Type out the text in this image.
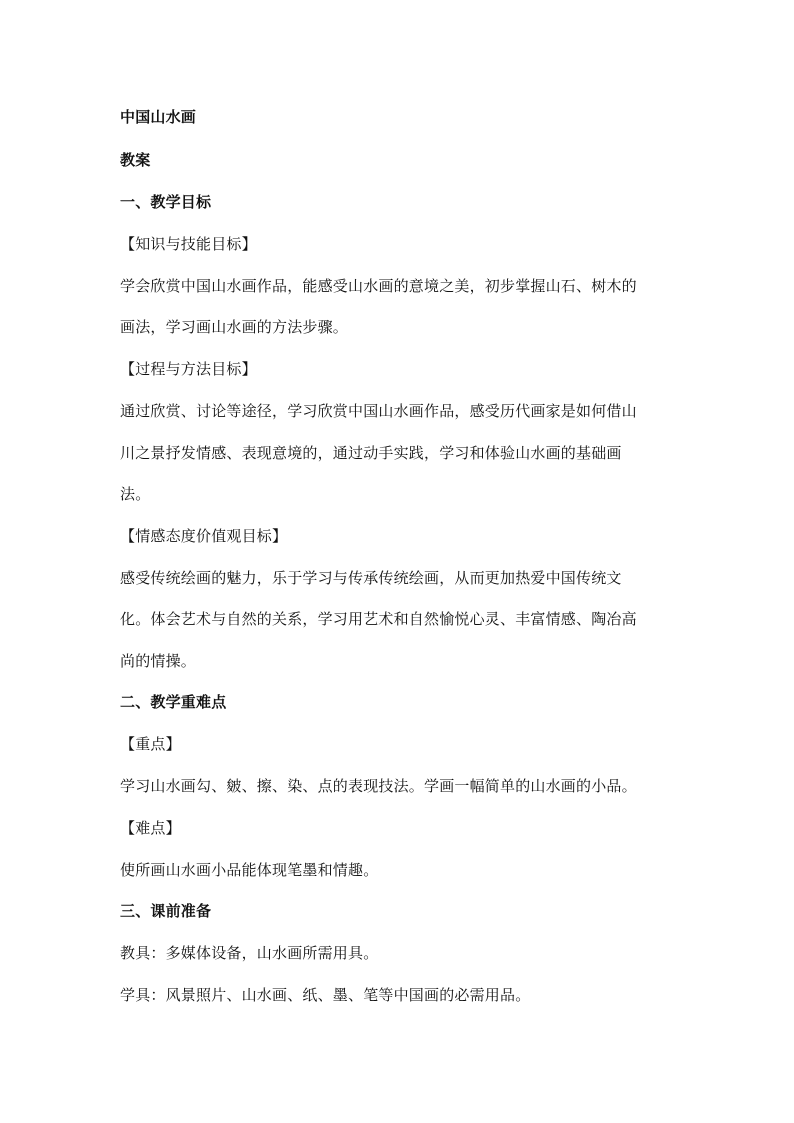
中国山水画
教案
一、教学目标
【知识与技能目标】
学会欣赏中国山水画作品，能感受山水画的意境之美，初步掌握山石、树木的
画法，学习画山水画的方法步骤。
【过程与方法目标】
通过欣赏、讨论等途径，学习欣赏中国山水画作品，感受历代画家是如何借山
川之景抒发情感、表现意境的，通过动手实践，学习和体验山水画的基础画
法。
【情感态度价值观目标】
感受传统绘画的魅力，乐于学习与传承传统绘画，从而更加热爱中国传统文
化。体会艺术与自然的关系，学习用艺术和自然愉悦心灵、丰富情感、陶冶高
尚的情操。
二、教学重难点
【重点】
学习山水画勾、皴、擦、染、点的表现技法。学画一幅简单的山水画的小品。
【难点】
使所画山水画小品能体现笔墨和情趣。
三、课前准备
教具：多媒体设备，山水画所需用具。
学具：风景照片、山水画、纸、墨、笔等中国画的必需用品。
